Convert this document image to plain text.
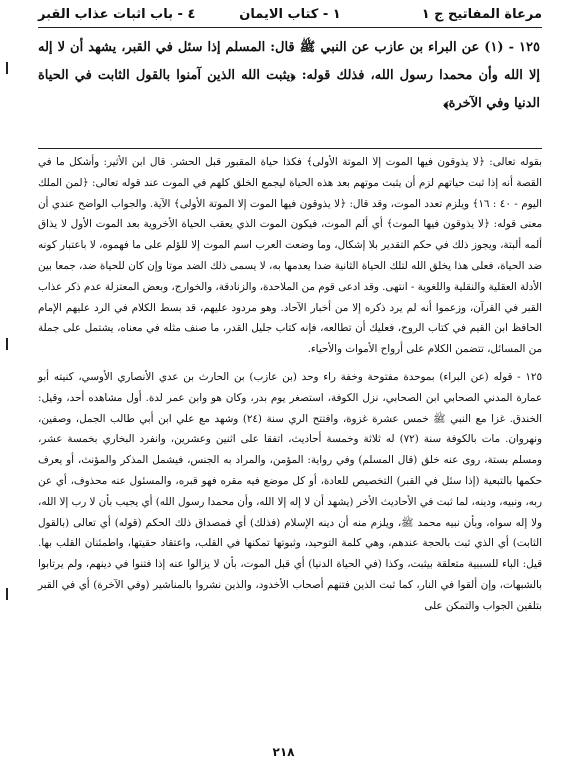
مرعاة المفاتيح ج ١
١ - كتاب الايمان
٤ - باب اثبات عذاب القبر
١٢٥ - (١) عن البراء بن عازب عن النبي ﷺ قال: المسلم إذا سئل في القبر، يشهد أن لا إله إلا الله وأن محمدا رسول الله، فذلك قوله: ﴿يثبت الله الذين آمنوا بالقول الثابت في الحياة الدنيا وفي الآخرة﴾
بقوله تعالى: ﴿لا يذوقون فيها الموت إلا الموتة الأولى﴾ فكذا حياة المقبور قبل الحشر. قال ابن الأثير: وأشكل ما في القصة أنه إذا ثبت حياتهم لزم أن يثبت موتهم بعد هذه الحياة ليجمع الخلق كلهم في الموت عند قوله تعالى: ﴿لمن الملك اليوم - ٤٠ : ١٦﴾ ويلزم تعدد الموت، وقد قال: ﴿لا يذوقون فيها الموت إلا الموتة الأولى﴾ الآية. والجواب الواضح عندي أن معنى قوله: ﴿لا يذوقون فيها الموت﴾ أي ألم الموت، فيكون الموت الذي يعقب الحياة الأخروية بعد الموت الأول لا يذاق ألمه ألبتة، ويجوز ذلك في حكم التقدير بلا إشكال، وما وضعت العرب اسم الموت إلا للؤلم على ما فهموه، لا باعتبار كونه ضد الحياة، فعلى هذا يخلق الله لتلك الحياة الثانية ضدا يعدمها به، لا يسمى ذلك الضد موتا وإن كان للحياة ضد، جمعا بين الأدلة العقلية والنقلية واللغوية - انتهى. وقد ادعى قوم من الملاحدة، والزنادقة، والخوارج، وبعض المعتزلة عدم ذكر عذاب القبر في القرآن، وزعموا أنه لم يرد ذكره إلا من أخبار الآحاد. وهو مردود عليهم، قد بسط الكلام في الرد عليهم الإمام الحافظ ابن القيم في كتاب الروح، فعليك أن تطالعه، فإنه كتاب جليل القدر، ما صنف مثله في معناه، يشتمل على جملة من المسائل، تتضمن الكلام على أرواح الأموات والأحياء.
١٢٥ - قوله (عن البراء) بموحدة مفتوحة وخفة راء وحد (بن عازب) بن الحارث بن عدي الأنصاري الأوسي، كنيته أبو عمارة المدني الصحابي ابن الصحابي، نزل الكوفة، استصغر يوم بدر، وكان هو وابن عمر لدة. أول مشاهده أحد، وقيل: الخندق. غزا مع النبي ﷺ خمس عشرة غزوة، وافتتح الري سنة (٢٤) وشهد مع علي ابن أبي طالب الجمل، وصفين، ونهروان. مات بالكوفة سنة (٧٢) له ثلاثة وخمسة أحاديث، اتفقا على اثنين وعشرين، وانفرد البخاري بخمسة عشر، ومسلم بستة، روى عنه خلق (قال المسلم) وفي رواية: المؤمن، والمراد به الجنس، فيشمل المذكر والمؤنث، أو يعرف حكمها بالتبعية (إذا سئل في القبر) التخصيص للعادة، أو كل موضع فيه مقره فهو قبره، والمسئول عنه محذوف، أي عن ربه، ونبيه، ودينه، لما ثبت في الأحاديث الأخر (يشهد أن لا إله إلا الله، وأن محمدا رسول الله) أي يجيب بأن لا رب إلا الله، ولا إله سواه، وبأن نبيه محمد ﷺ، ويلزم منه أن دينه الإسلام (فذلك) أي فمصداق ذلك الحكم (قوله) أي تعالى (بالقول الثابت) أي الذي ثبت بالحجة عندهم، وهي كلمة التوحيد، وثبوتها تمكنها في القلب، واعتقاد حقيتها، واطمئنان القلب بها. قيل: الباء للسببية متعلقة بيثبت، وكذا (في الحياة الدنيا) أي قبل الموت، بأن لا يزالوا عنه إذا فتنوا في دينهم، ولم يرتابوا بالشبهات، وإن ألقوا في النار، كما ثبت الذين فتنهم أصحاب الأخدود، والذين نشروا بالمناشير (وفي الآخرة) أي في القبر بتلقين الجواب والتمكن على
٢١٨
